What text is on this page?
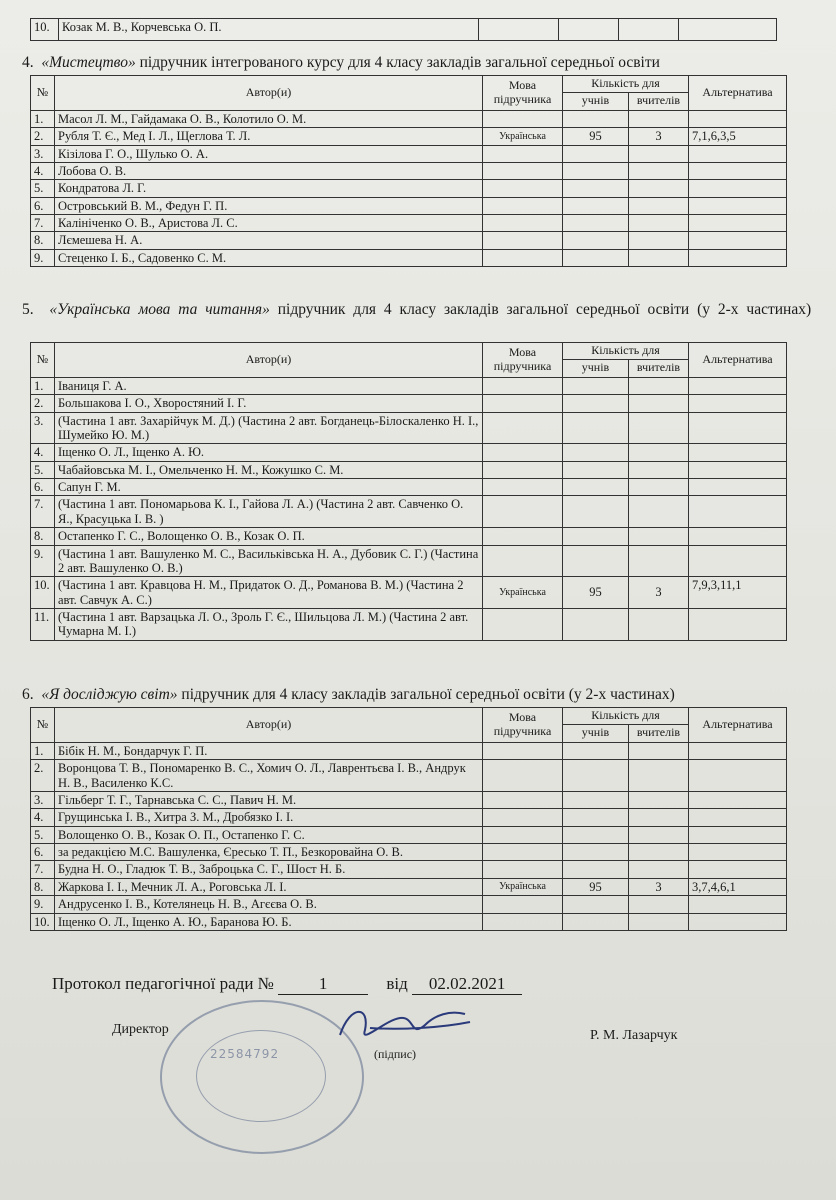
10.	Козак М. В., Корчевська О. П.				
4. «Мистецтво» підручник інтегрованого курсу для 4 класу закладів загальної середньої освіти
№	Автор(и)	Мова підручника	Кількість для		Альтернатива
			учнів	вчителів	
1.	Масол Л. М., Гайдамака О. В., Колотило О. М.				
2.	Рубля Т. Є., Мед І. Л., Щеглова Т. Л.	Українська	95	3	7,1,6,3,5
3.	Кізілова Г. О., Шулько О. А.				
4.	Лобова О. В.				
5.	Кондратова Л. Г.				
6.	Островський В. М., Федун Г. П.				
7.	Калініченко О. В., Аристова Л. С.				
8.	Лємешева Н. А.				
9.	Стеценко І. Б., Садовенко С. М.				
5. «Українська мова та читання» підручник для 4 класу закладів загальної середньої освіти (у 2-х частинах)
№	Автор(и)	Мова підручника	Кількість для		Альтернатива
			учнів	вчителів	
1.	Іваниця Г. А.				
2.	Большакова І. О., Хворостяний І. Г.				
3.	(Частина 1 авт. Захарійчук М. Д.) (Частина 2 авт. Богданець-Білоскаленко Н. І., Шумейко Ю. М.)				
4.	Іщенко О. Л., Іщенко А. Ю.				
5.	Чабайовська М. І., Омельченко Н. М., Кожушко С. М.				
6.	Сапун Г. М.				
7.	(Частина 1 авт. Пономарьова К. І., Гайова Л. А.) (Частина 2 авт. Савченко О. Я., Красуцька І. В. )				
8.	Остапенко Г. С., Волощенко О. В., Козак О. П.				
9.	(Частина 1 авт. Вашуленко М. С., Васильківська Н. А., Дубовик С. Г.) (Частина 2 авт. Вашуленко О. В.)				
10.	(Частина 1 авт. Кравцова Н. М., Придаток О. Д., Романова В. М.) (Частина 2 авт. Савчук А. С.)	Українська	95	3	7,9,3,11,1
11.	(Частина 1 авт. Варзацька Л. О., Зроль Г. Є., Шильцова Л. М.) (Частина 2 авт. Чумарна М. І.)				
6. «Я досліджую світ» підручник для 4 класу закладів загальної середньої освіти (у 2-х частинах)
№	Автор(и)	Мова підручника	Кількість для		Альтернатива
			учнів	вчителів	
1.	Бібік Н. М., Бондарчук Г. П.				
2.	Воронцова Т. В., Пономаренко В. С., Хомич О. Л., Лаврентьєва І. В., Андрук Н. В., Василенко К.С.				
3.	Гільберг Т. Г., Тарнавська С. С., Павич Н. М.				
4.	Грущинська І. В., Хитра З. М., Дробязко І. І.				
5.	Волощенко О. В., Козак О. П., Остапенко Г. С.				
6.	за редакцією М.С. Вашуленка, Єресько Т. П., Безкоровайна О. В.				
7.	Будна Н. О., Гладюк Т. В., Заброцька С. Г., Шост Н. Б.				
8.	Жаркова І. І., Мечник Л. А., Роговська Л. І.	Українська	95	3	3,7,4,6,1
9.	Андрусенко І. В., Котелянець Н. В., Агєєва О. В.				
10.	Іщенко О. Л., Іщенко А. Ю., Баранова Ю. Б.				
Протокол педагогічної ради №	1	від 02.02.2021
Директор
22584792	(підпис)
Р. М. Лазарчук
